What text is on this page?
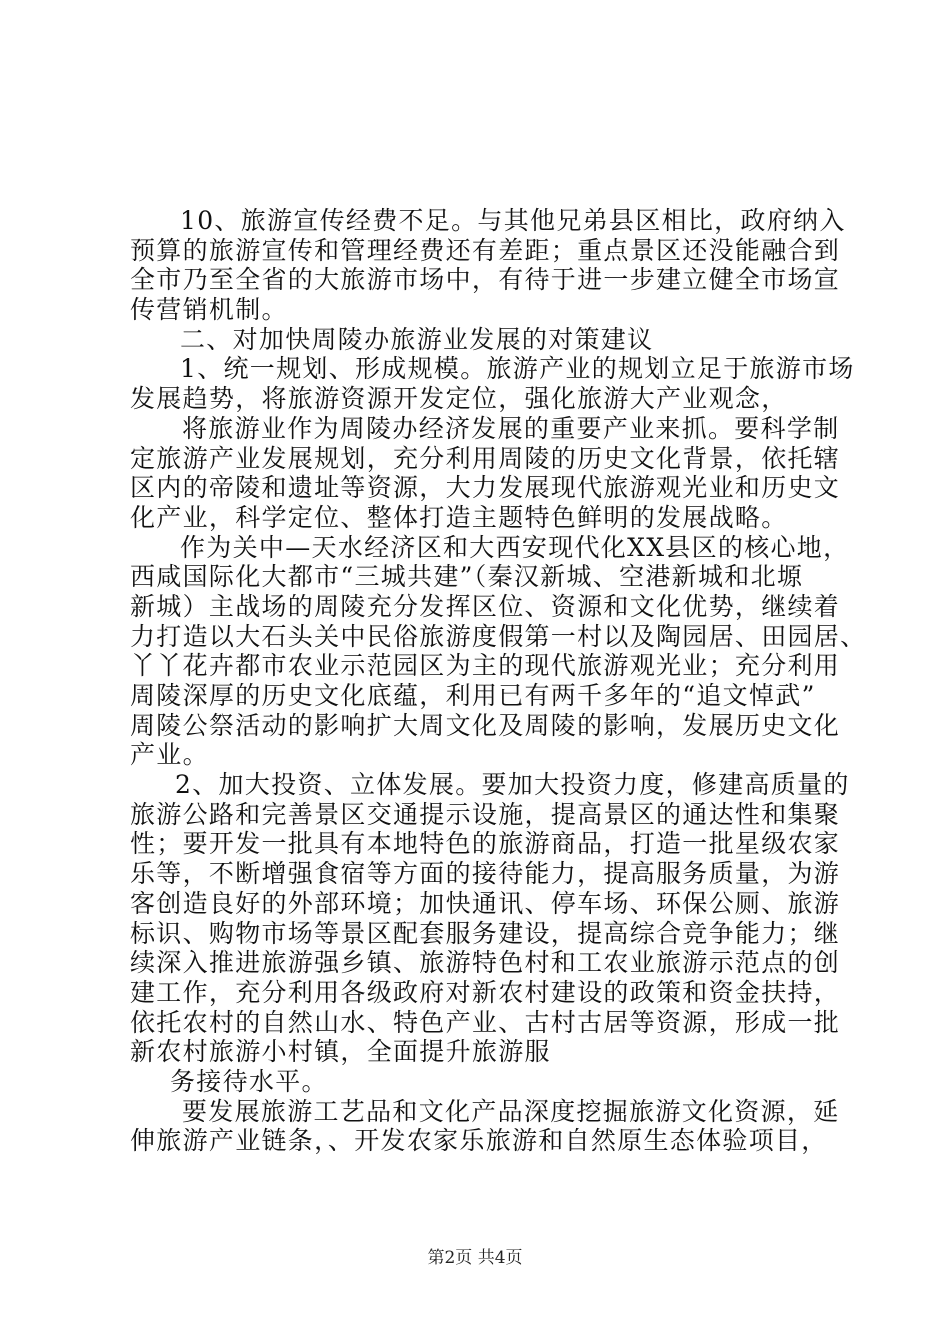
10、旅游宣传经费不足。与其他兄弟县区相比，政府纳入
预算的旅游宣传和管理经费还有差距；重点景区还没能融合到
全市乃至全省的大旅游市场中，有待于进一步建立健全市场宣
传营销机制。
二、对加快周陵办旅游业发展的对策建议
1、统一规划、形成规模。旅游产业的规划立足于旅游市场
发展趋势，将旅游资源开发定位，强化旅游大产业观念，
将旅游业作为周陵办经济发展的重要产业来抓。要科学制
定旅游产业发展规划，充分利用周陵的历史文化背景，依托辖
区内的帝陵和遗址等资源，大力发展现代旅游观光业和历史文
化产业，科学定位、整体打造主题特色鲜明的发展战略。
作为关中—天水经济区和大西安现代化XX县区的核心地，
西咸国际化大都市“三城共建”（秦汉新城、空港新城和北塬
新城）主战场的周陵充分发挥区位、资源和文化优势，继续着
力打造以大石头关中民俗旅游度假第一村以及陶园居、田园居、
丫丫花卉都市农业示范园区为主的现代旅游观光业；充分利用
周陵深厚的历史文化底蕴，利用已有两千多年的“追文悼武”
周陵公祭活动的影响扩大周文化及周陵的影响，发展历史文化
产业。
2、加大投资、立体发展。要加大投资力度，修建高质量的
旅游公路和完善景区交通提示设施，提高景区的通达性和集聚
性；要开发一批具有本地特色的旅游商品，打造一批星级农家
乐等，不断增强食宿等方面的接待能力，提高服务质量，为游
客创造良好的外部环境；加快通讯、停车场、环保公厕、旅游
标识、购物市场等景区配套服务建设，提高综合竞争能力；继
续深入推进旅游强乡镇、旅游特色村和工农业旅游示范点的创
建工作，充分利用各级政府对新农村建设的政策和资金扶持，
依托农村的自然山水、特色产业、古村古居等资源，形成一批
新农村旅游小村镇，全面提升旅游服
务接待水平。
要发展旅游工艺品和文化产品深度挖掘旅游文化资源，延
伸旅游产业链条，、开发农家乐旅游和自然原生态体验项目，
第2页 共4页
